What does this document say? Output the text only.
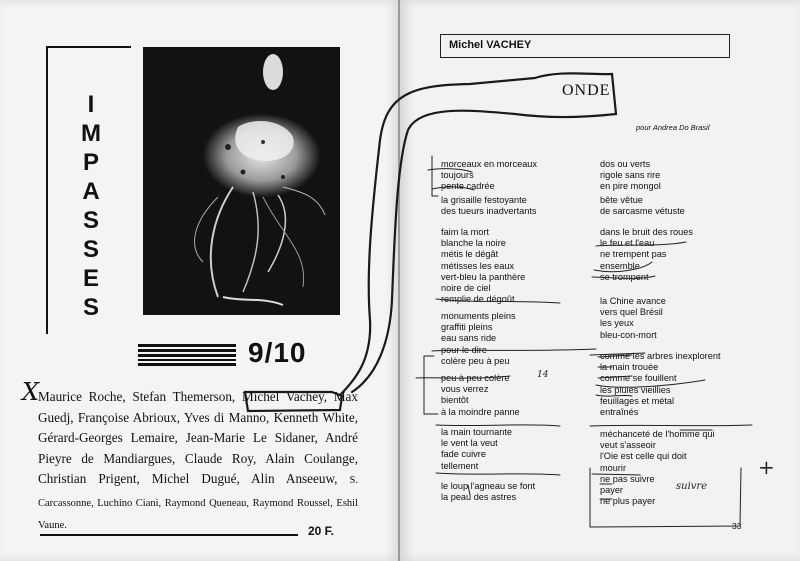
I
M
P
A
S
S
E
S
9/10
X
Maurice Roche, Stefan Themerson, Michel Vachey, Max Guedj, Françoise Abrioux, Yves di Manno, Kenneth White, Gérard-Georges Lemaire, Jean-Marie Le Sidaner, André Pieyre de Mandiargues, Claude Roy, Alain Coulange, Christian Prigent, Michel Dugué, Alin Anseeuw, S. Carcassonne, Luchino Ciani, Raymond Queneau, Raymond Roussel, Eshil Vaune.	20 F.
Michel VACHEY
ONDE
pour Andrea Do Brasil
morceaux en morceaux
toujours
pente cadrée
la grisaille festoyante
des tueurs inadvertants
faim la mort
blanche la noire
métis le dégât
métisses les eaux
vert-bleu la panthère
noire de ciel
remplie de dégoût
monuments pleins
graffiti pleins
eau sans ride
pour le dire
colère peu à peu
peu à peu colère
vous verrez
bientôt
à la moindre panne
la main tournante
le vent la veut
fade cuivre
tellement
le loup l'agneau se font
la peau des astres
dos ou verts
rigole sans rire
en pire mongol
bête vêtue
de sarcasme vétuste
dans le bruit des roues
le feu et l'eau
ne trempent pas
ensemble
se trompent
la Chine avance
vers quel Brésil
les yeux
bleu-con-mort
comme les arbres inexplorent
la main trouée
comme se fouillent
les pluies vieillies
feuillages et métal
entraînés
méchanceté de l'homme qui
veut s'asseoir
l'Oie est celle qui doit
mourir
ne pas suivre
payer
ne plus payer
33
14
suivre
+
